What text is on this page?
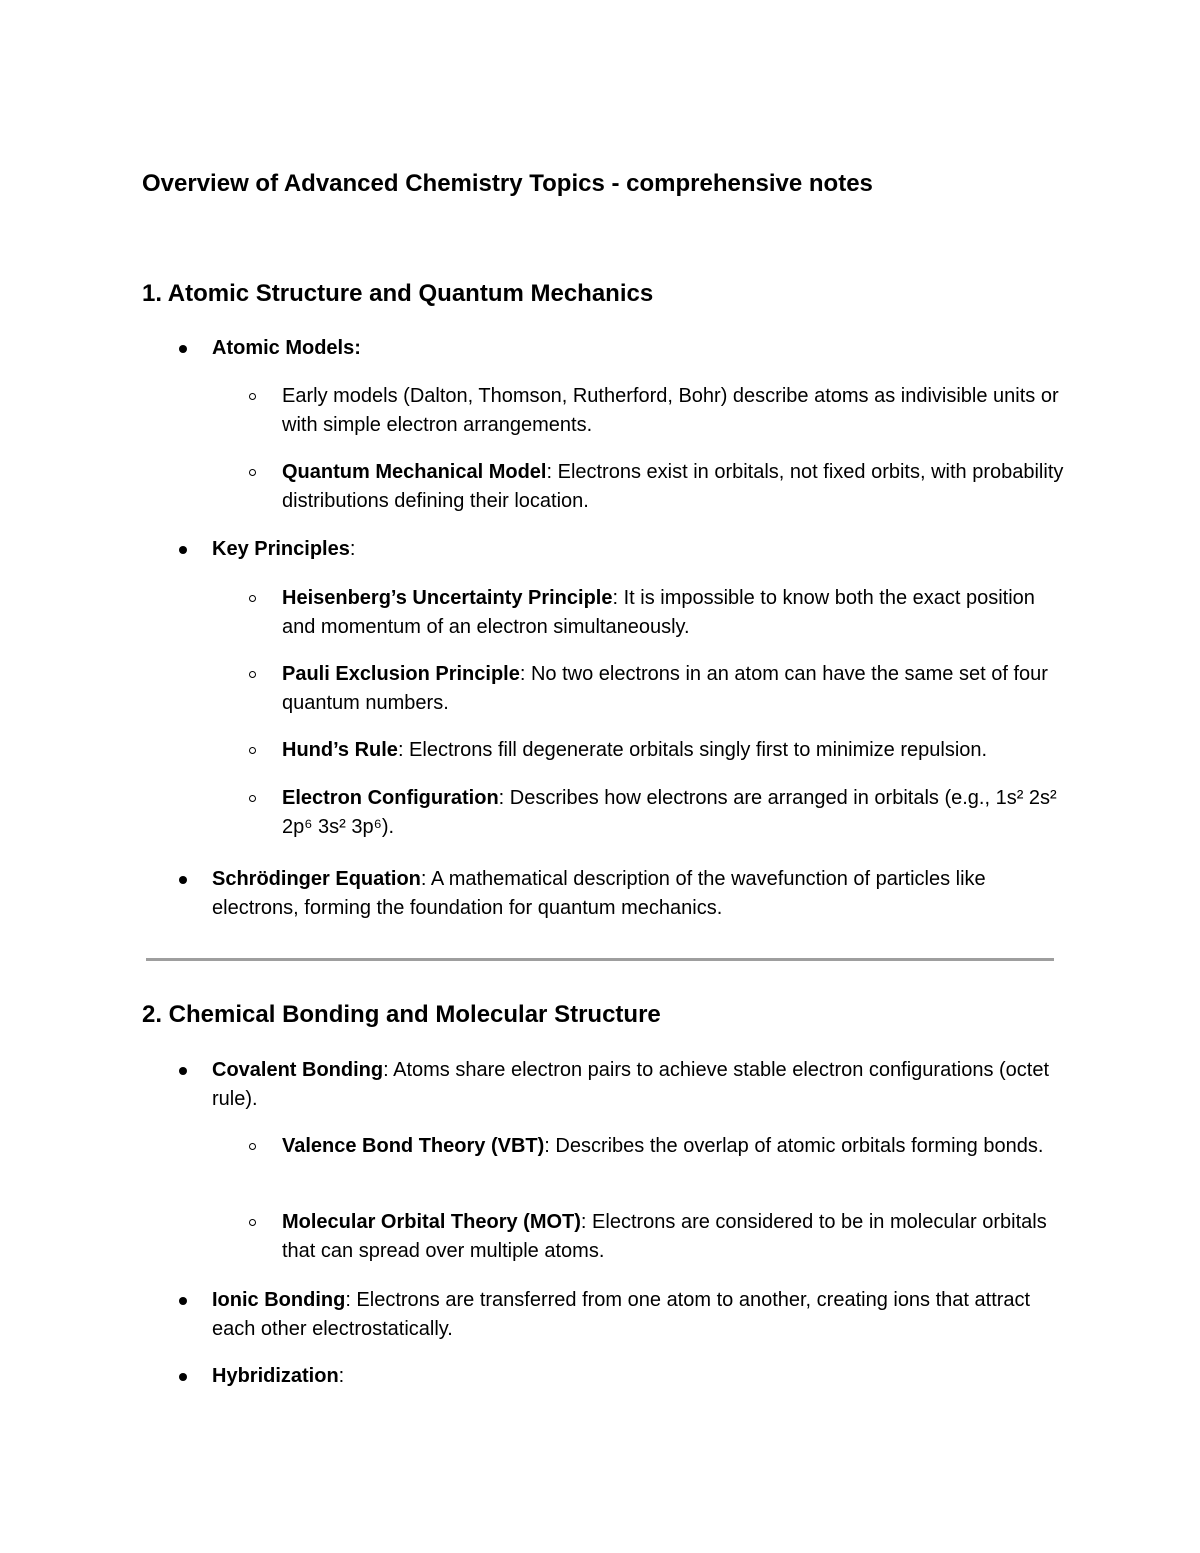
Overview of Advanced Chemistry Topics - comprehensive notes
1. Atomic Structure and Quantum Mechanics
Atomic Models:
Early models (Dalton, Thomson, Rutherford, Bohr) describe atoms as indivisible units or with simple electron arrangements.
Quantum Mechanical Model: Electrons exist in orbitals, not fixed orbits, with probability distributions defining their location.
Key Principles:
Heisenberg’s Uncertainty Principle: It is impossible to know both the exact position and momentum of an electron simultaneously.
Pauli Exclusion Principle: No two electrons in an atom can have the same set of four quantum numbers.
Hund’s Rule: Electrons fill degenerate orbitals singly first to minimize repulsion.
Electron Configuration: Describes how electrons are arranged in orbitals (e.g., 1s² 2s² 2p⁶ 3s² 3p⁶).
Schrödinger Equation: A mathematical description of the wavefunction of particles like electrons, forming the foundation for quantum mechanics.
2. Chemical Bonding and Molecular Structure
Covalent Bonding: Atoms share electron pairs to achieve stable electron configurations (octet rule).
Valence Bond Theory (VBT): Describes the overlap of atomic orbitals forming bonds.
Molecular Orbital Theory (MOT): Electrons are considered to be in molecular orbitals that can spread over multiple atoms.
Ionic Bonding: Electrons are transferred from one atom to another, creating ions that attract each other electrostatically.
Hybridization:
